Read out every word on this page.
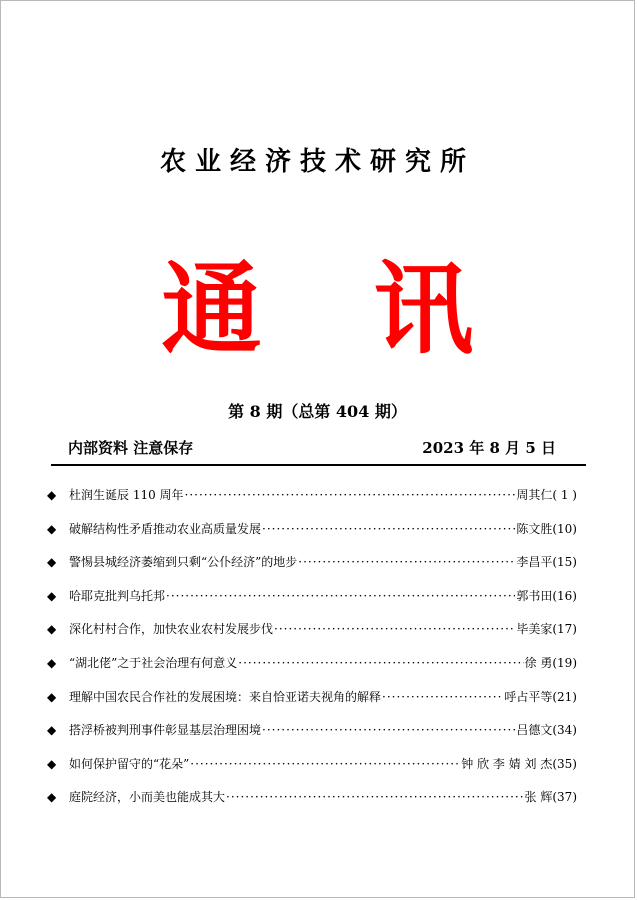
农业经济技术研究所
通 讯
第 8 期（总第 404 期）
内部资料 注意保存	2023 年 8 月 5 日
◆	杜润生诞辰 110 周年 ·····	周其仁( 1 )
◆	破解结构性矛盾推动农业高质量发展 ·····	陈文胜(10)
◆	警惕县城经济萎缩到只剩“公仆经济”的地步 ·····	李昌平(15)
◆	哈耶克批判乌托邦 ·····	郭书田(16)
◆	深化村村合作，加快农业农村发展步伐 ·····	毕美家(17)
◆	“湖北佬”之于社会治理有何意义 ·····	徐 勇(19)
◆	理解中国农民合作社的发展困境：来自恰亚诺夫视角的解释 ·····	呼占平等(21)
◆	搭浮桥被判刑事件彰显基层治理困境 ·····	吕德文(34)
◆	如何保护留守的“花朵” ·····	钟 欣 李 婧 刘 杰(35)
◆	庭院经济，小而美也能成其大 ·····	张 辉(37)
